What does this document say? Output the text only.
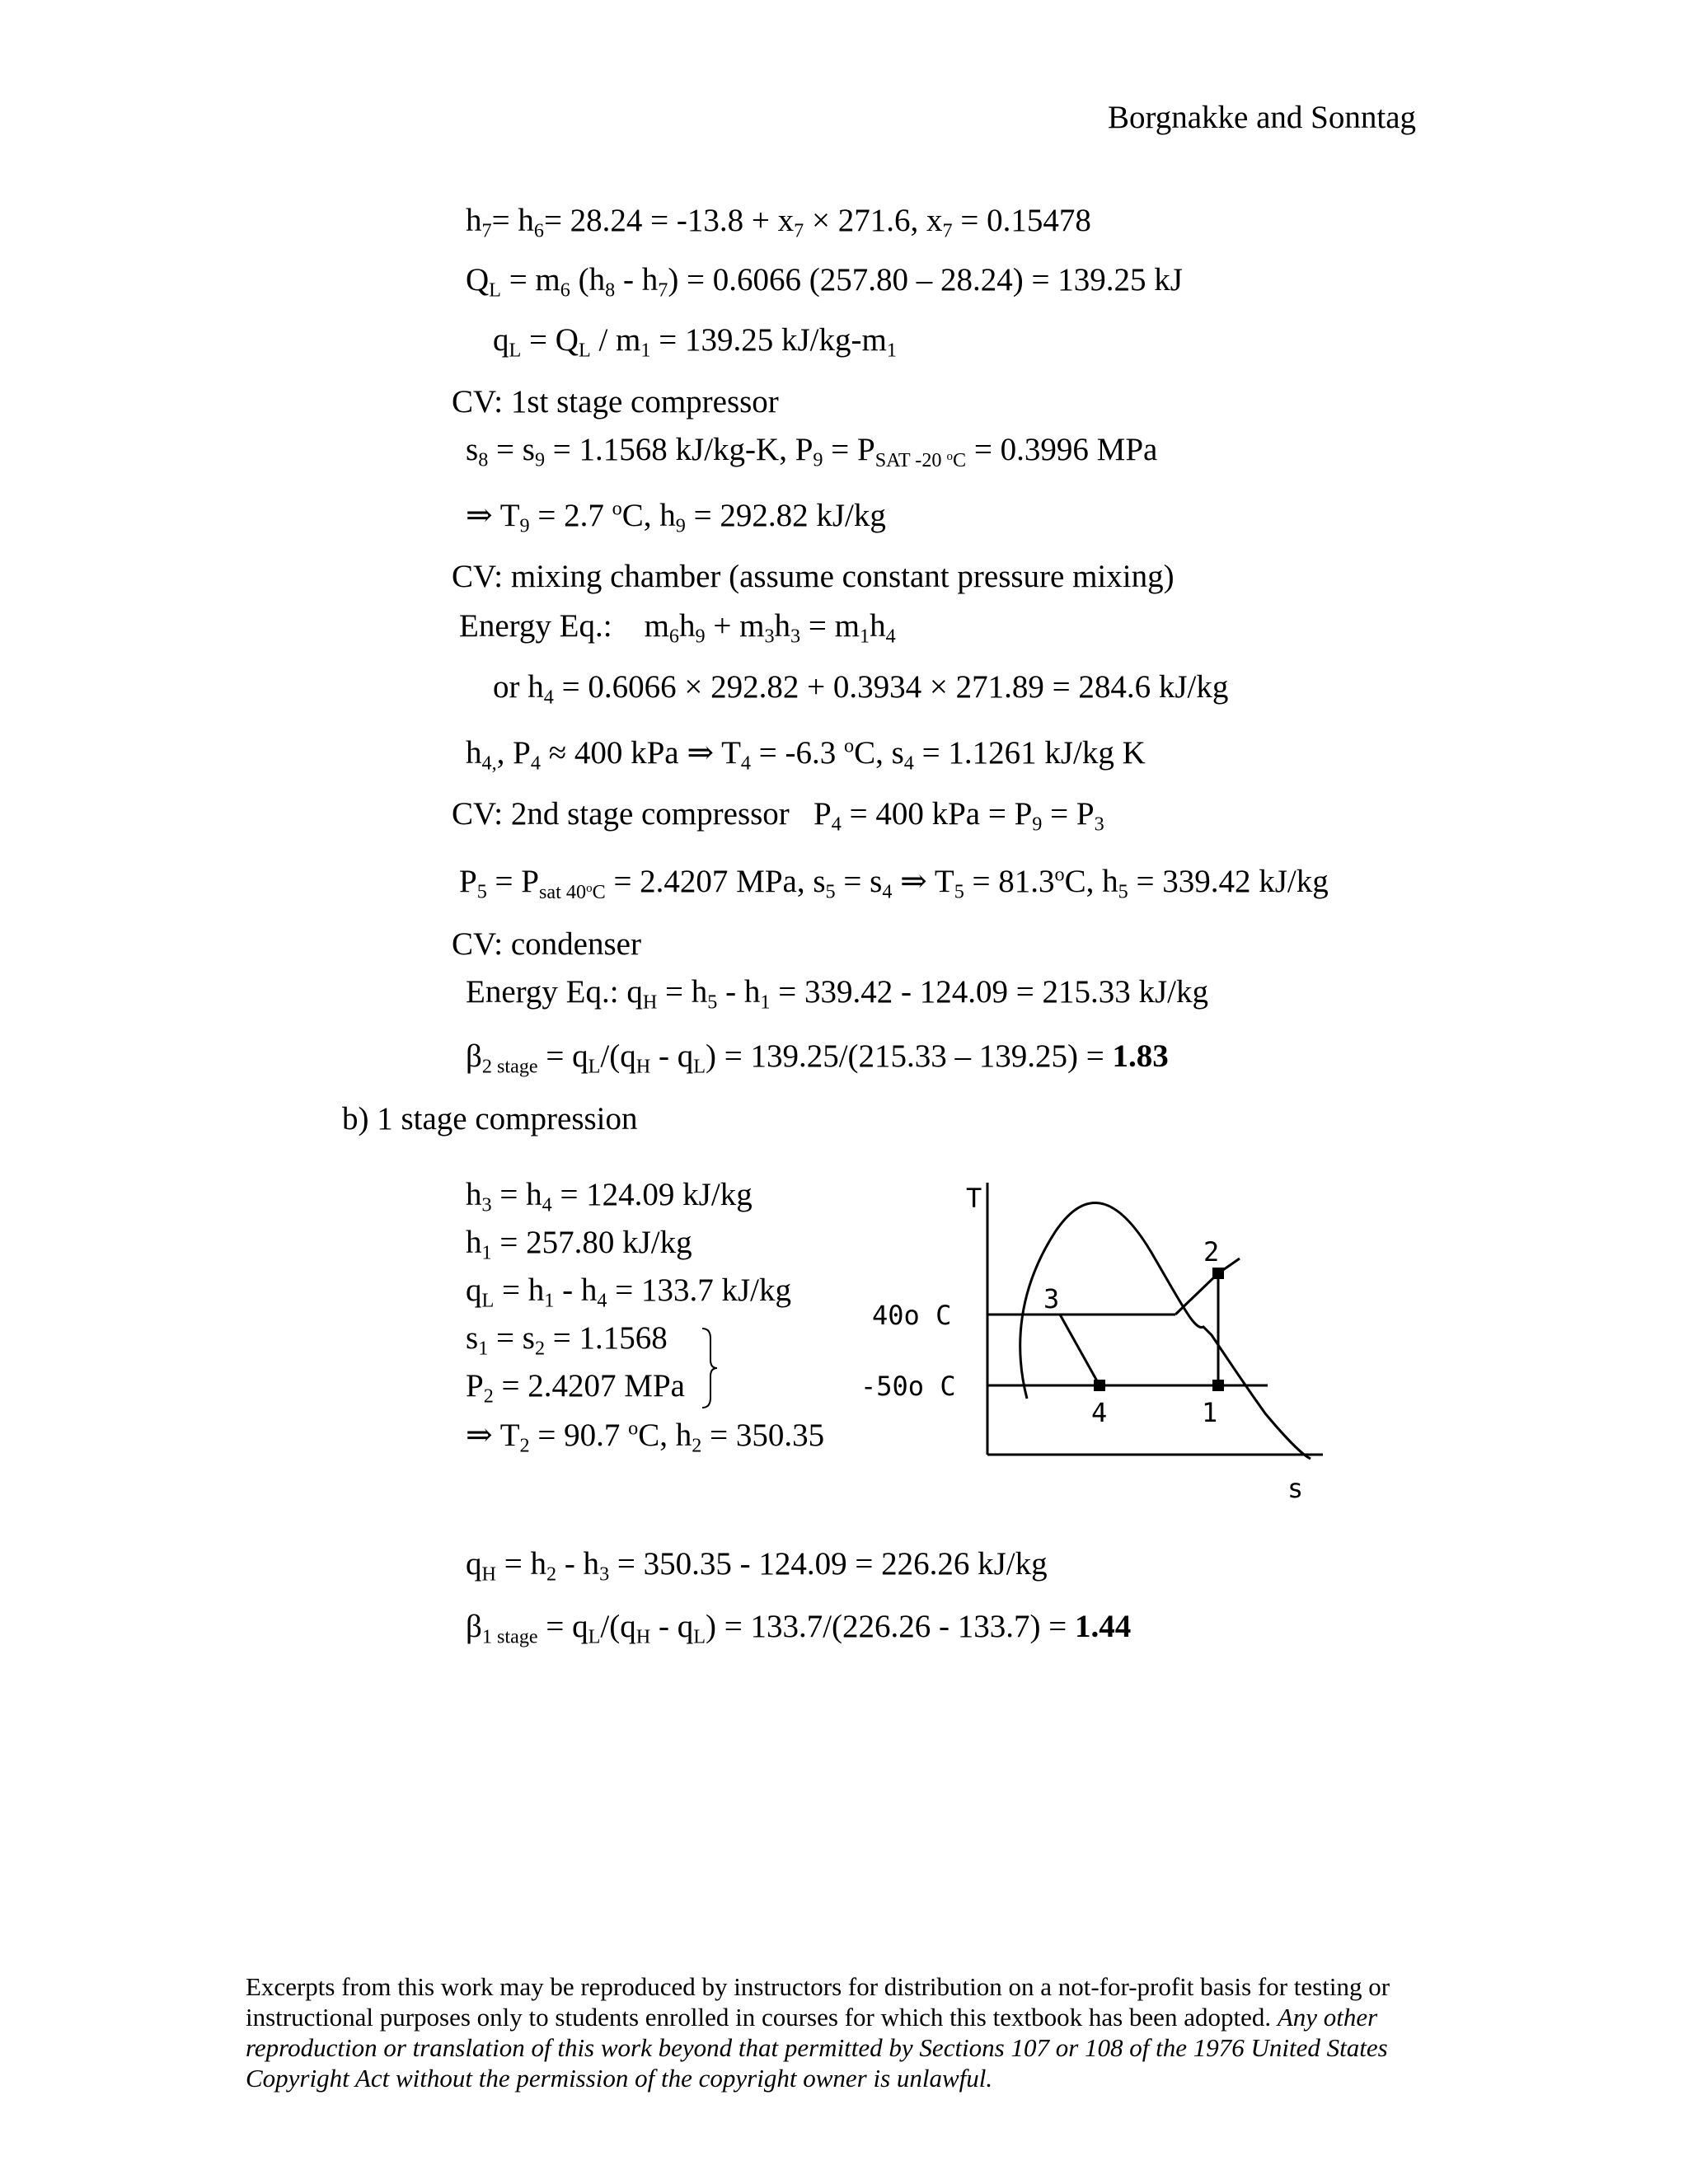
Borgnakke and Sonntag
$h_7= h_6= 28.24 = -13.8 + x_7 \times 271.6$, $x_7 = 0.15478$
$Q_L = m_6$ $(h_8 - h_7) = 0.6066$ (257.80 – 28.24) = 139.25 kJ
$q_L = Q_L / m_1 = 139.25$ $kJ/kg-m_1$
CV: 1st stage compressor
$s_8 = s_9 = 1.1568$ kJ/kg-K, $P_9 = P_{SAT -20 ^oC} = 0.3996$ MPa
⇒ $T_9 = 2.7$ $^o$C, $h_9 = 292.82$ kJ/kg
CV: mixing chamber (assume constant pressure mixing)
Energy Eq.: $m_6h_9 + m_3h_3 = m_1h_4$
or $h_4 = 0.6066 \times 292.82 + 0.3934 \times 271.89 = 284.6$ kJ/kg
$h_{4,}$, $P_4 \approx 400$ kPa ⇒ $T_4 = -6.3$ $^o$C, $s_4 = 1.1261$ kJ/kg K
CV: 2nd stage compressor $P_4 = 400$ kPa = $P_9 = P_3$
$P_5 = P_{sat 40^oC} = 2.4207$ MPa, $s_5 = s_4$ ⇒ $T_5 = 81.3^oC$, $h_5 = 339.42$ kJ/kg
CV: condenser
Energy Eq.: $q_H = h_5 - h_1 = 339.42 - 124.09 = 215.33$ kJ/kg
$\beta_{2 stage} = q_L/(q_H - q_L) = 139.25/(215.33 - 139.25) = 1.83$
b) 1 stage compression
$h_3 = h_4 = 124.09$ kJ/kg
$h_1 = 257.80$ kJ/kg
$q_L = h_1 - h_4 = 133.7$ kJ/kg
$s_1 = s_2 = 1.1568$
$P_2 = 2.4207$ MPa
⇒ $T_2 = 90.7$ $^o$C, $h_2 = 350.35$
T
s
40o C
-50o C
3
2
1
4
$q_H = h_2 - h_3 = 350.35 - 124.09 = 226.26$ kJ/kg
$\beta_{1 stage} = q_L/(q_H - q_L) = 133.7/(226.26 - 133.7) = 1.44$
Excerpts from this work may be reproduced by instructors for distribution on a not-for-profit basis for testing or instructional purposes only to students enrolled in courses for which this textbook has been adopted. Any other reproduction or translation of this work beyond that permitted by Sections 107 or 108 of the 1976 United States Copyright Act without the permission of the copyright owner is unlawful.
